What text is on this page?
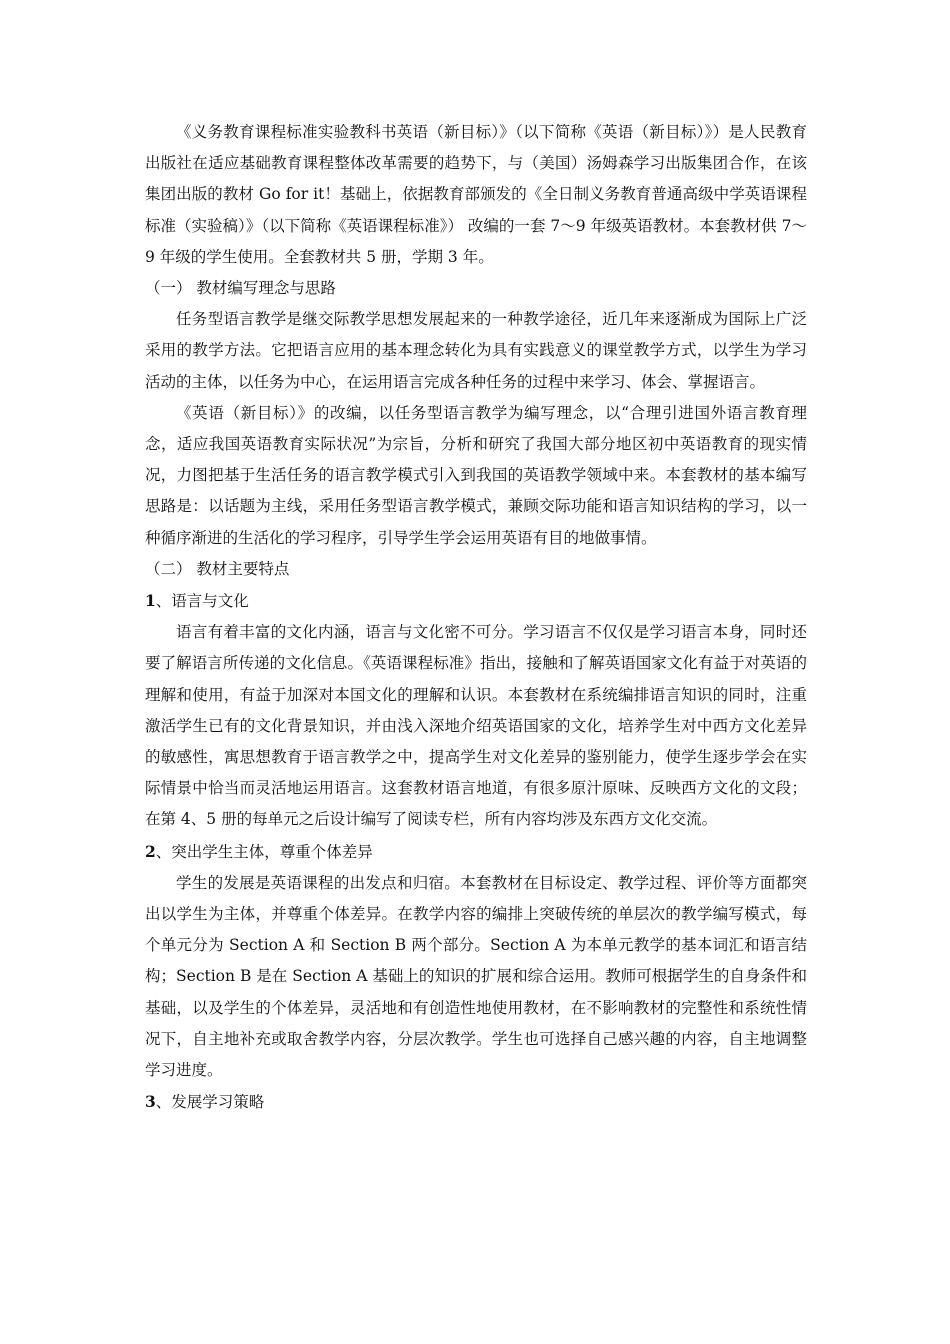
《义务教育课程标准实验教科书英语（新目标）》（以下简称《英语（新目标）》）是人民教育出版社在适应基础教育课程整体改革需要的趋势下，与（美国）汤姆森学习出版集团合作，在该集团出版的教材 Go for it！基础上，依据教育部颁发的《全日制义务教育普通高级中学英语课程标准（实验稿）》（以下简称《英语课程标准》） 改编的一套 7～9 年级英语教材。本套教材供 7～9 年级的学生使用。全套教材共 5 册，学期 3 年。

（一） 教材编写理念与思路

任务型语言教学是继交际教学思想发展起来的一种教学途径，近几年来逐渐成为国际上广泛采用的教学方法。它把语言应用的基本理念转化为具有实践意义的课堂教学方式，以学生为学习活动的主体，以任务为中心，在运用语言完成各种任务的过程中来学习、体会、掌握语言。

《英语（新目标）》的改编，以任务型语言教学为编写理念，以“合理引进国外语言教育理念，适应我国英语教育实际状况”为宗旨，分析和研究了我国大部分地区初中英语教育的现实情况，力图把基于生活任务的语言教学模式引入到我国的英语教学领域中来。本套教材的基本编写思路是：以话题为主线，采用任务型语言教学模式，兼顾交际功能和语言知识结构的学习，以一种循序渐进的生活化的学习程序，引导学生学会运用英语有目的地做事情。

（二） 教材主要特点
1、语言与文化

语言有着丰富的文化内涵，语言与文化密不可分。学习语言不仅仅是学习语言本身，同时还要了解语言所传递的文化信息。《英语课程标准》指出，接触和了解英语国家文化有益于对英语的理解和使用，有益于加深对本国文化的理解和认识。本套教材在系统编排语言知识的同时，注重激活学生已有的文化背景知识，并由浅入深地介绍英语国家的文化，培养学生对中西方文化差异的敏感性，寓思想教育于语言教学之中，提高学生对文化差异的鉴别能力，使学生逐步学会在实际情景中恰当而灵活地运用语言。这套教材语言地道，有很多原汁原味、反映西方文化的文段；在第 4、5 册的每单元之后设计编写了阅读专栏，所有内容均涉及东西方文化交流。

2、突出学生主体，尊重个体差异

学生的发展是英语课程的出发点和归宿。本套教材在目标设定、教学过程、评价等方面都突出以学生为主体，并尊重个体差异。在教学内容的编排上突破传统的单层次的教学编写模式，每个单元分为 Section A 和 Section B 两个部分。Section A 为本单元教学的基本词汇和语言结构；Section B 是在 Section A 基础上的知识的扩展和综合运用。教师可根据学生的自身条件和基础，以及学生的个体差异，灵活地和有创造性地使用教材，在不影响教材的完整性和系统性情况下，自主地补充或取舍教学内容，分层次教学。学生也可选择自己感兴趣的内容，自主地调整学习进度。

3、发展学习策略
